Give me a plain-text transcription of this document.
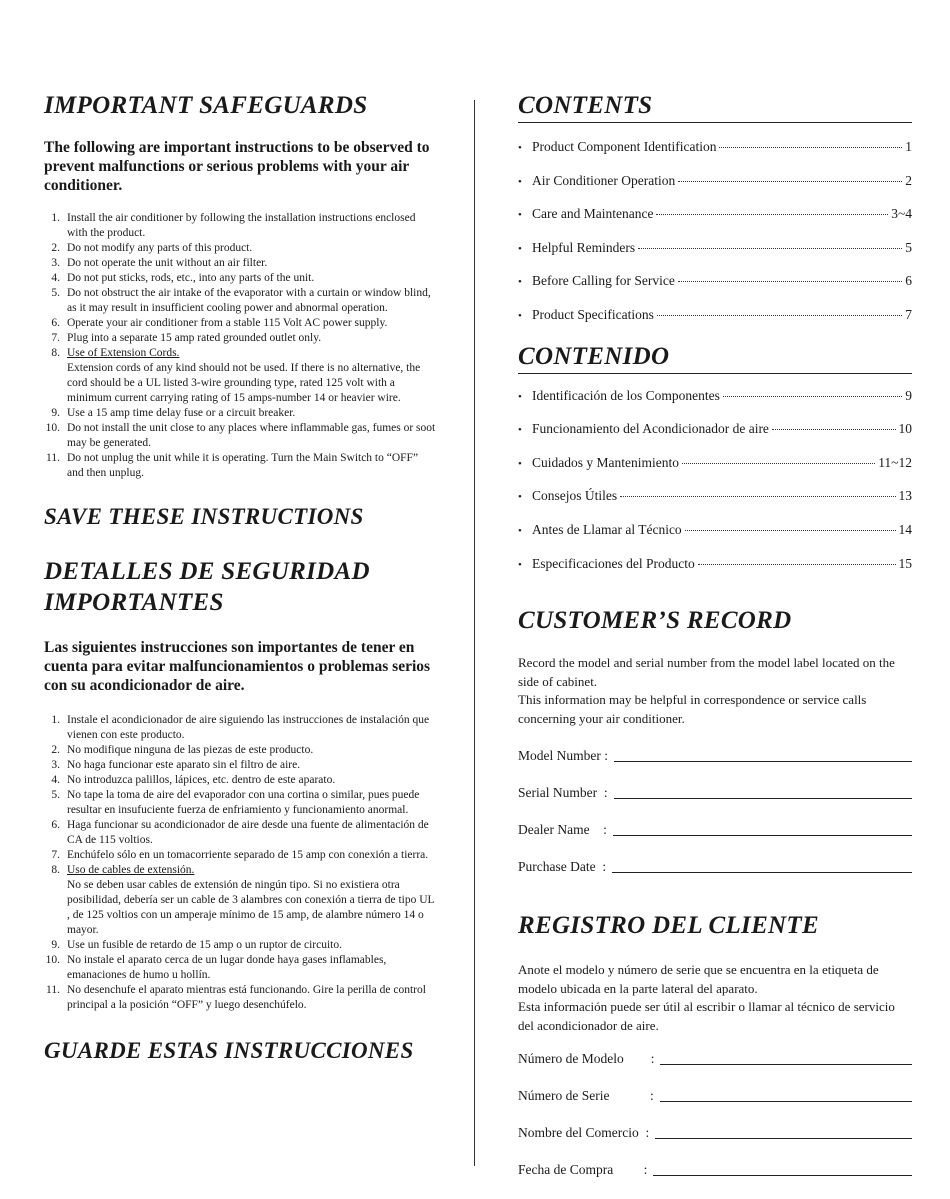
IMPORTANT SAFEGUARDS

The following are important instructions to be observed to prevent malfunctions or serious problems with your air conditioner.

1. Install the air conditioner by following the installation instructions enclosed with the product.
2. Do not modify any parts of this product.
3. Do not operate the unit without an air filter.
4. Do not put sticks, rods, etc., into any parts of the unit.
5. Do not obstruct the air intake of the evaporator with a curtain or window blind, as it may result in insufficient cooling power and abnormal operation.
6. Operate your air conditioner from a stable 115 Volt AC power supply.
7. Plug into a separate 15 amp rated grounded outlet only.
8. Use of Extension Cords.
Extension cords of any kind should not be used. If there is no alternative, the cord should be a UL listed 3-wire grounding type, rated 125 volt with a minimum current carrying rating of 15 amps-number 14 or heavier wire.
9. Use a 15 amp time delay fuse or a circuit breaker.
10. Do not install the unit close to any places where inflammable gas, fumes or soot may be generated.
11. Do not unplug the unit while it is operating. Turn the Main Switch to “OFF” and then unplug.
SAVE THESE INSTRUCTIONS
DETALLES DE SEGURIDAD
IMPORTANTES

Las siguientes instrucciones son importantes de tener en cuenta para evitar malfuncionamientos o problemas serios con su acondicionador de aire.

1. Instale el acondicionador de aire siguiendo las instrucciones de instalación que vienen con este producto.
2. No modifique ninguna de las piezas de este producto.
3. No haga funcionar este aparato sin el filtro de aire.
4. No introduzca palillos, lápices, etc. dentro de este aparato.
5. No tape la toma de aire del evaporador con una cortina o similar, pues puede resultar en insufuciente fuerza de enfriamiento y funcionamiento anormal.
6. Haga funcionar su acondicionador de aire desde una fuente de alimentación de CA de 115 voltios.
7. Enchúfelo sólo en un tomacorriente separado de 15 amp con conexión a tierra.
8. Uso de cables de extensión.
No se deben usar cables de extensión de ningún tipo. Si no existiera otra posibilidad, debería ser un cable de 3 alambres con conexión a tierra de tipo UL , de 125 voltios con un amperaje mínimo de 15 amp, de alambre número 14 o mayor.
9. Use un fusible de retardo de 15 amp o un ruptor de circuito.
10. No instale el aparato cerca de un lugar donde haya gases inflamables, emanaciones de humo u hollín.
11. No desenchufe el aparato mientras está funcionando. Gire la perilla de control principal a la posición “OFF” y luego desenchúfelo.
GUARDE ESTAS INSTRUCCIONES
CONTENTS
• Product Component Identification	1
• Air Conditioner Operation	2
• Care and Maintenance	3~4
• Helpful Reminders	5
• Before Calling for Service	6
• Product Specifications	7
CONTENIDO
• Identificación de los Componentes	9
• Funcionamiento del Acondicionador de aire	10
• Cuidados y Mantenimiento	11~12
• Consejos Útiles	13
• Antes de Llamar al Técnico	14
• Especificaciones del Producto	15
CUSTOMER’S RECORD

Record the model and serial number from the model label located on the side of cabinet.

This information may be helpful in correspondence or service calls concerning your air conditioner.

Model Number :
Serial Number  :
Dealer Name    :
Purchase Date  :
REGISTRO DEL CLIENTE

Anote el modelo y número de serie que se encuentra en la etiqueta de modelo ubicada en la parte lateral del aparato.

Esta información puede ser útil al escribir o llamar al técnico de servicio del acondicionador de aire.

Número de Modelo        :
Número de Serie            :
Nombre del Comercio  :
Fecha de Compra         :
